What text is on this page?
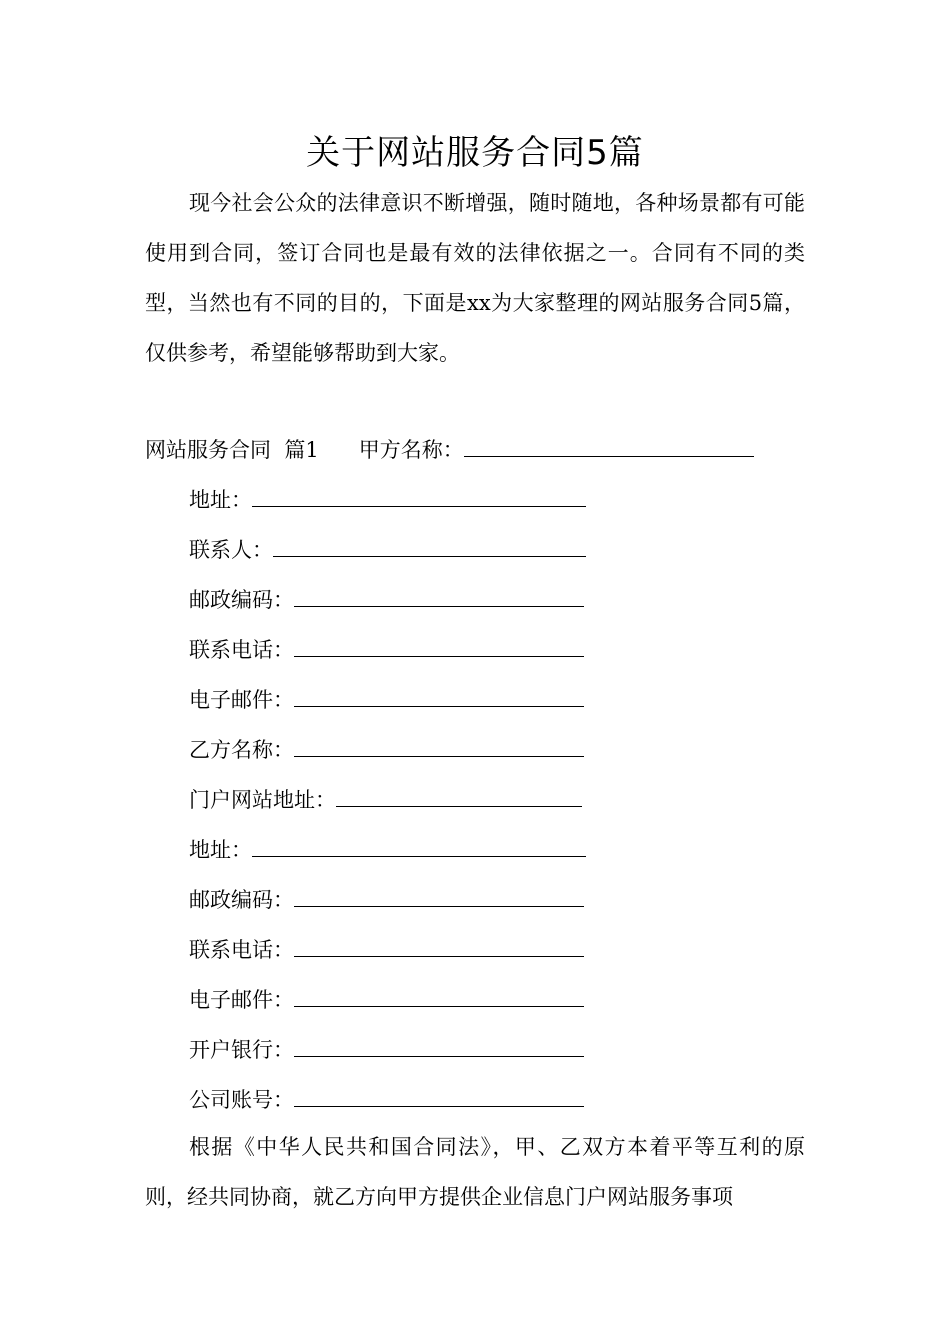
关于网站服务合同5篇

现今社会公众的法律意识不断增强，随时随地，各种场景都有可能使用到合同，签订合同也是最有效的法律依据之一。合同有不同的类型，当然也有不同的目的，下面是xx为大家整理的网站服务合同5篇，仅供参考，希望能够帮助到大家。

网站服务合同  篇1 甲方名称：
地址：
联系人：
邮政编码：
联系电话：
电子邮件：
乙方名称：
门户网站地址：
地址：
邮政编码：
联系电话：
电子邮件：
开户银行：
公司账号：

根据《中华人民共和国合同法》，甲、乙双方本着平等互利的原则，经共同协商，就乙方向甲方提供企业信息门户网站服务事项
